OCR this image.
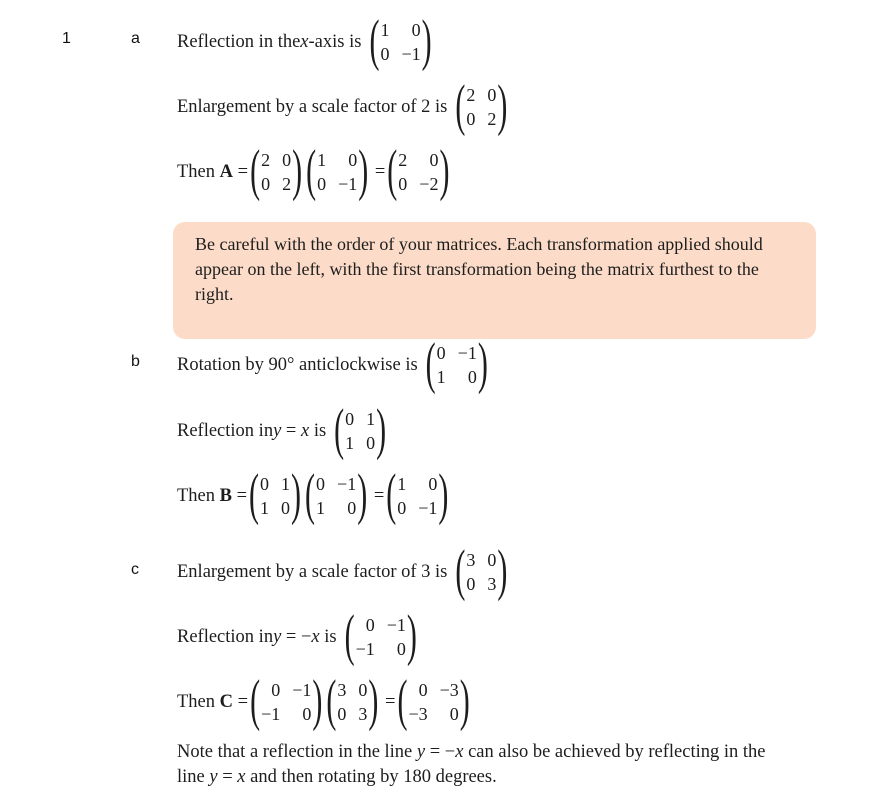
1	a
b
c
Reflection in the x -axis is ( 1	0
0 −1 )
Enlargement by a scale factor of 2 is ( 2 0
0 2 )
Then
A
= ( 2 0
0 2 ) ( 1	0
0 −1 )
= ( 2	0
0 −2 )
Be careful with the order of your matrices. Each transformation applied should appear on the left, with the first transformation being the matrix furthest to the right.
Rotation by 90° anticlockwise is ( 0 −1
1	0 )
Reflection in y = x is ( 0 1
1 0 )
Then
B
= ( 0 1
1 0 ) ( 0 −1
1	0 )
= ( 1	0
0 −1 )
Enlargement by a scale factor of 3 is ( 3 0
0 3 )
Reflection in y = − x is ( 0 −1
−1	0 )
Then
C
= ( 0 −1
−1	0 ) ( 3 0
0 3 )
= ( 0 −3
−3	0 )
Note that a reflection in the line y = −x can also be achieved by reflecting in the
line y = x and then rotating by 180 degrees.
